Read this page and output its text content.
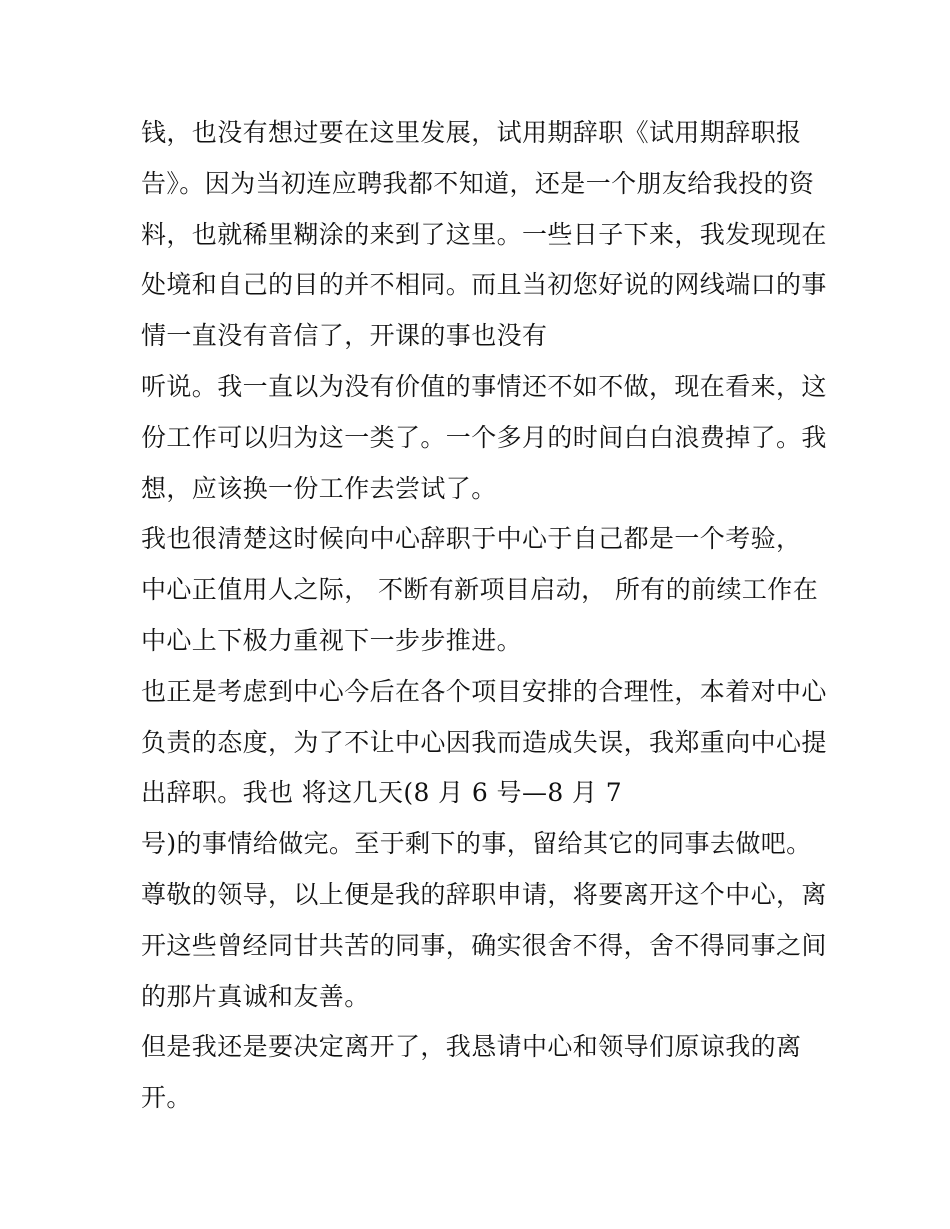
钱，也没有想过要在这里发展，试用期辞职《试用期辞职报
告》。因为当初连应聘我都不知道，还是一个朋友给我投的资
料，也就稀里糊涂的来到了这里。一些日子下来，我发现现在
处境和自己的目的并不相同。而且当初您好说的网线端口的事
情一直没有音信了，开课的事也没有
听说。我一直以为没有价值的事情还不如不做，现在看来，这
份工作可以归为这一类了。一个多月的时间白白浪费掉了。我
想，应该换一份工作去尝试了。
我也很清楚这时候向中心辞职于中心于自己都是一个考验，
中心正值用人之际， 不断有新项目启动， 所有的前续工作在
中心上下极力重视下一步步推进。
也正是考虑到中心今后在各个项目安排的合理性，本着对中心
负责的态度，为了不让中心因我而造成失误，我郑重向中心提
出辞职。我也 将这几天(8 月 6 号—8 月 7
号)的事情给做完。至于剩下的事，留给其它的同事去做吧。
尊敬的领导，以上便是我的辞职申请，将要离开这个中心，离
开这些曾经同甘共苦的同事，确实很舍不得，舍不得同事之间
的那片真诚和友善。
但是我还是要决定离开了，我恳请中心和领导们原谅我的离
开。
